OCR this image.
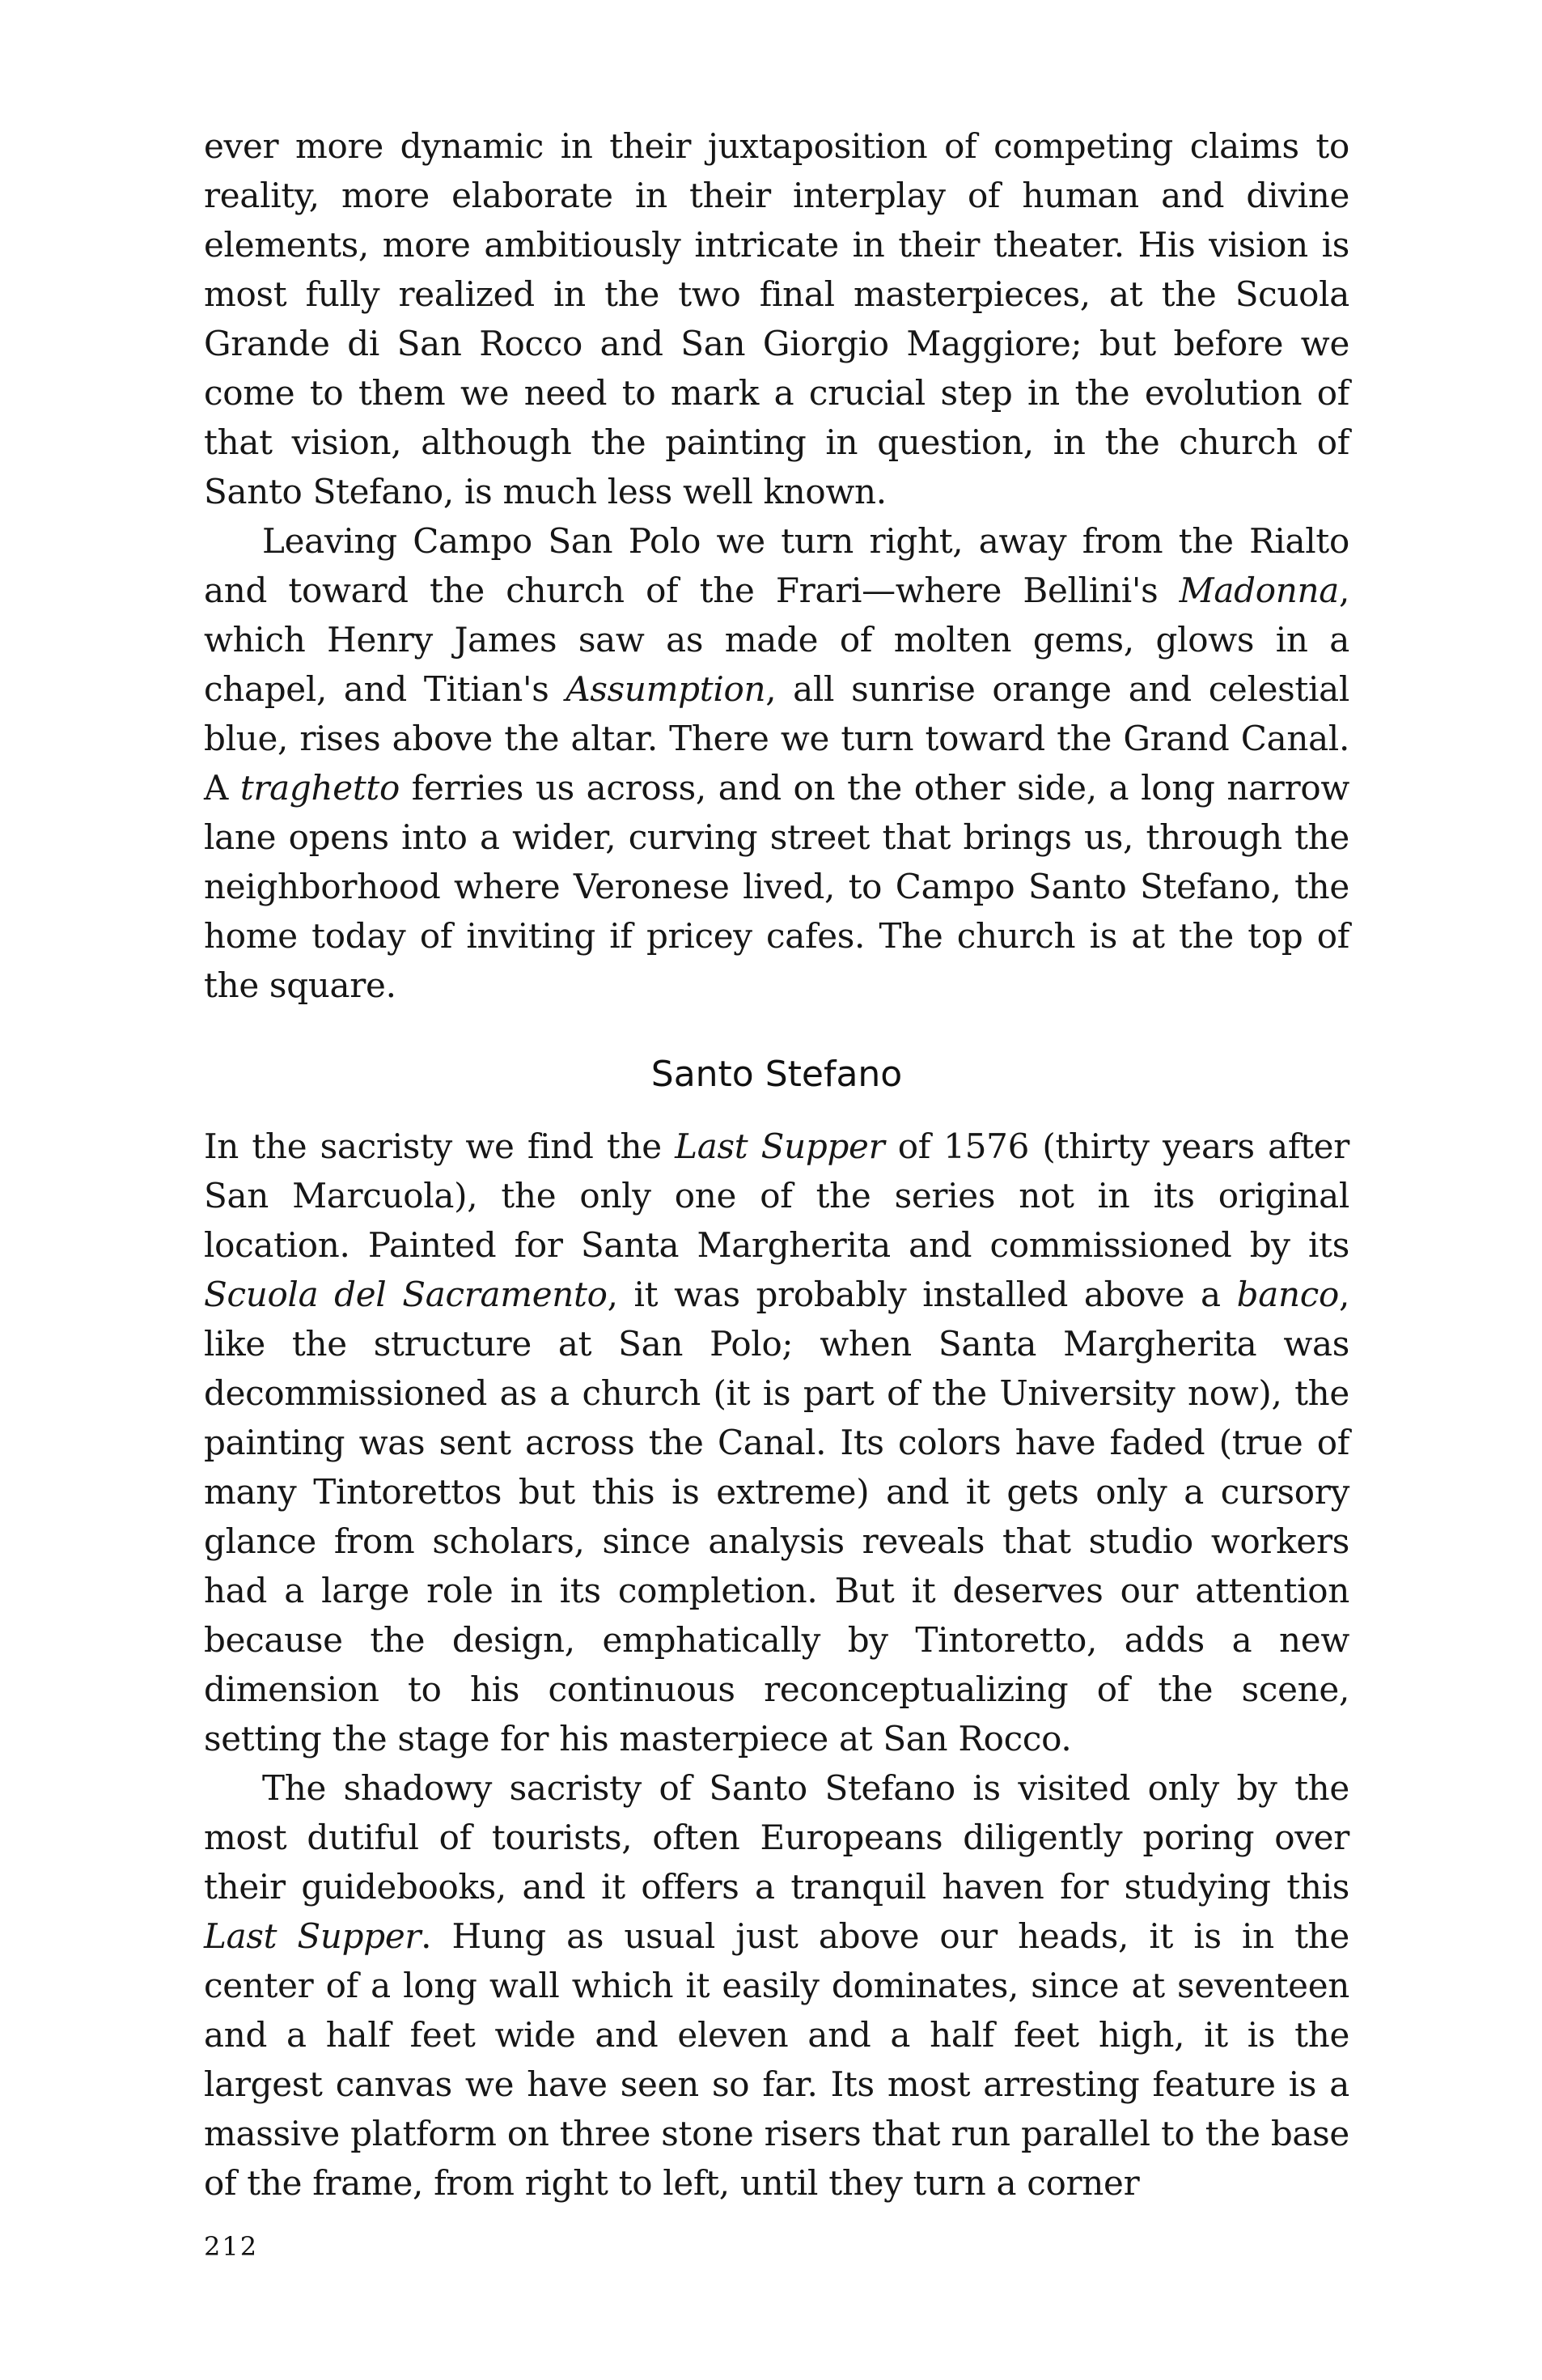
ever more dynamic in their juxtaposition of competing claims to reality, more elaborate in their interplay of human and divine elements, more ambitiously intricate in their theater. His vision is most fully realized in the two final masterpieces, at the Scuola Grande di San Rocco and San Giorgio Maggiore; but before we come to them we need to mark a crucial step in the evolution of that vision, although the painting in question, in the church of Santo Stefano, is much less well known.

Leaving Campo San Polo we turn right, away from the Rialto and toward the church of the Frari—where Bellini's Madonna, which Henry James saw as made of molten gems, glows in a chapel, and Titian's Assumption, all sunrise orange and celestial blue, rises above the altar. There we turn toward the Grand Canal. A traghetto ferries us across, and on the other side, a long narrow lane opens into a wider, curving street that brings us, through the neighborhood where Veronese lived, to Campo Santo Stefano, the home today of inviting if pricey cafes. The church is at the top of the square.

Santo Stefano

In the sacristy we find the Last Supper of 1576 (thirty years after San Marcuola), the only one of the series not in its original location. Painted for Santa Margherita and commissioned by its Scuola del Sacramento, it was probably installed above a banco, like the structure at San Polo; when Santa Margherita was decommissioned as a church (it is part of the University now), the painting was sent across the Canal. Its colors have faded (true of many Tintorettos but this is extreme) and it gets only a cursory glance from scholars, since analysis reveals that studio workers had a large role in its completion. But it deserves our attention because the design, emphatically by Tintoretto, adds a new dimension to his continuous reconceptualizing of the scene, setting the stage for his masterpiece at San Rocco.

The shadowy sacristy of Santo Stefano is visited only by the most dutiful of tourists, often Europeans diligently poring over their guidebooks, and it offers a tranquil haven for studying this Last Supper. Hung as usual just above our heads, it is in the center of a long wall which it easily dominates, since at seventeen and a half feet wide and eleven and a half feet high, it is the largest canvas we have seen so far. Its most arresting feature is a massive platform on three stone risers that run parallel to the base of the frame, from right to left, until they turn a corner

212
